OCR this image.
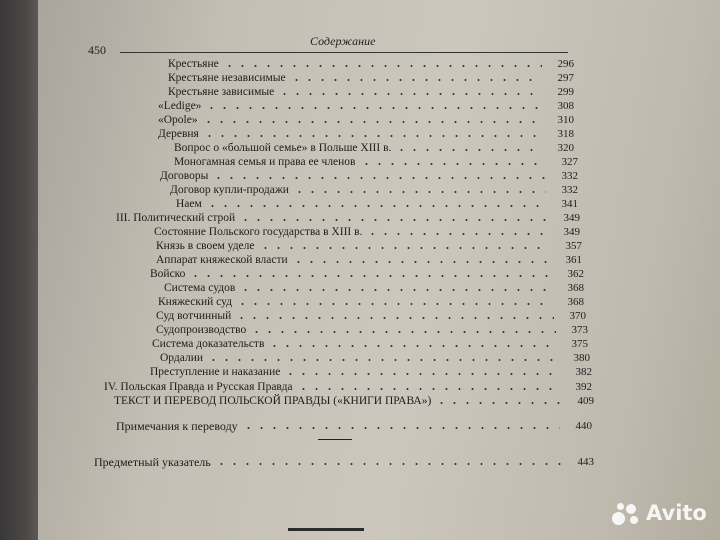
450
Содержание
Крестьяне	296
Крестьяне независимые	297
Крестьяне зависимые	299
«Ledige»	308
«Opole»	310
Деревня	318
Вопрос о «большой семье» в Польше XIII в.	320
Моногамная семья и права ее членов	327
Договоры	332
Договор купли-продажи	332
Наем	341
III. Политический строй	349
Состояние Польского государства в XIII в.	349
Князь в своем уделе	357
Аппарат княжеской власти	361
Войско	362
Система судов	368
Княжеский суд	368
Суд вотчинный	370
Судопроизводство	373
Система доказательств	375
Ордалии	380
Преступление и наказание	382
IV. Польская Правда и Русская Правда	392
ТЕКСТ И ПЕРЕВОД ПОЛЬСКОЙ ПРАВДЫ («КНИГИ ПРАВА»)	409
Примечания к переводу	440
Предметный указатель	443
Avito
